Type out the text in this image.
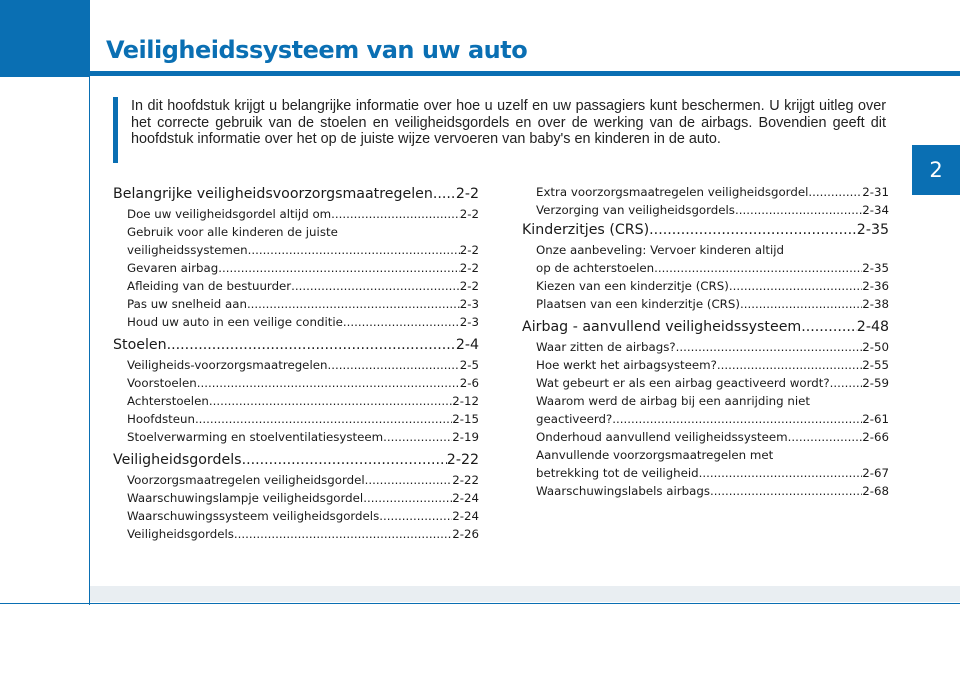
Veiligheidssysteem van uw auto
2

In dit hoofdstuk krijgt u belangrijke informatie over hoe u uzelf en uw passagiers kunt beschermen. U krijgt uitleg over het correcte gebruik van de stoelen en veiligheidsgordels en over de werking van de airbags. Bovendien geeft dit hoofdstuk informatie over het op de juiste wijze vervoeren van baby's en kinderen in de auto.

Belangrijke veiligheidsvoorzorgsmaatregelen ..... 2-2
Doe uw veiligheidsgordel altijd om .....	2-2
Gebruik voor alle kinderen de juiste
veiligheidssystemen .....	2-2
Gevaren airbag .....	2-2
Afleiding van de bestuurder .....	2-2
Pas uw snelheid aan .....	2-3
Houd uw auto in een veilige conditie .....	2-3
Stoelen .....	2-4
Veiligheids-voorzorgsmaatregelen .....	2-5
Voorstoelen .....	2-6
Achterstoelen .....	2-12
Hoofdsteun .....	2-15
Stoelverwarming en stoelventilatiesysteem .....	2-19
Veiligheidsgordels .....	2-22
Voorzorgsmaatregelen veiligheidsgordel .....	2-22
Waarschuwingslampje veiligheidsgordel .....	2-24
Waarschuwingssysteem veiligheidsgordels .....	2-24
Veiligheidsgordels .....	2-26
Extra voorzorgsmaatregelen veiligheidsgordel .....	2-31
Verzorging van veiligheidsgordels .....	2-34
Kinderzitjes (CRS) .....	2-35
Onze aanbeveling: Vervoer kinderen altijd
op de achterstoelen .....	2-35
Kiezen van een kinderzitje (CRS) .....	2-36
Plaatsen van een kinderzitje (CRS) .....	2-38
Airbag - aanvullend veiligheidssysteem .....	2-48
Waar zitten de airbags? .....	2-50
Hoe werkt het airbagsysteem? .....	2-55
Wat gebeurt er als een airbag geactiveerd wordt? .....	2-59
Waarom werd de airbag bij een aanrijding niet
geactiveerd? .....	2-61
Onderhoud aanvullend veiligheidssysteem .....	2-66
Aanvullende voorzorgsmaatregelen met
betrekking tot de veiligheid .....	2-67
Waarschuwingslabels airbags .....	2-68
